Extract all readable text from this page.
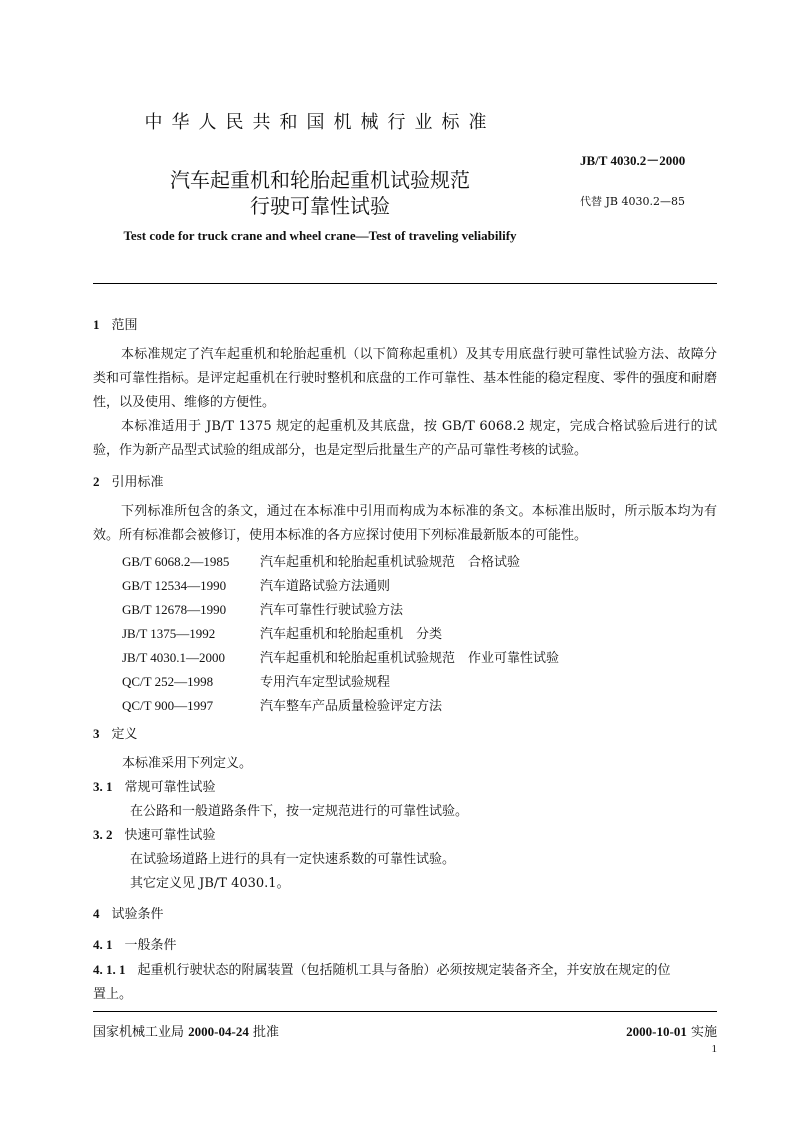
中华人民共和国机械行业标准
JB/T 4030.2－2000
汽车起重机和轮胎起重机试验规范
行驶可靠性试验	代替 JB 4030.2—85
Test code for truck crane and wheel crane—Test of traveling veliabilify
1 范围
本标准规定了汽车起重机和轮胎起重机（以下简称起重机）及其专用底盘行驶可靠性试验方法、故障分类和可靠性指标。是评定起重机在行驶时整机和底盘的工作可靠性、基本性能的稳定程度、零件的强度和耐磨性，以及使用、维修的方便性。
本标准适用于 JB/T 1375 规定的起重机及其底盘，按 GB/T 6068.2 规定，完成合格试验后进行的试验，作为新产品型式试验的组成部分，也是定型后批量生产的产品可靠性考核的试验。
2 引用标准
下列标准所包含的条文，通过在本标准中引用而构成为本标准的条文。本标准出版时，所示版本均为有效。所有标准都会被修订，使用本标准的各方应探讨使用下列标准最新版本的可能性。
GB/T 6068.2—1985 汽车起重机和轮胎起重机试验规范　合格试验
GB/T 12534—1990	汽车道路试验方法通则
GB/T 12678—1990	汽车可靠性行驶试验方法
JB/T 1375—1992	汽车起重机和轮胎起重机　分类
JB/T 4030.1—2000	汽车起重机和轮胎起重机试验规范　作业可靠性试验
QC/T 252—1998	专用汽车定型试验规程
QC/T 900—1997	汽车整车产品质量检验评定方法
3 定义
本标准采用下列定义。
3. 1 常规可靠性试验
在公路和一般道路条件下，按一定规范进行的可靠性试验。
3. 2 快速可靠性试验
在试验场道路上进行的具有一定快速系数的可靠性试验。
其它定义见 JB/T 4030.1。
4 试验条件
4. 1 一般条件
4. 1. 1 起重机行驶状态的附属装置（包括随机工具与备胎）必须按规定装备齐全，并安放在规定的位
置上。
国家机械工业局 2000-04-24 批准	2000-10-01 实施
1
